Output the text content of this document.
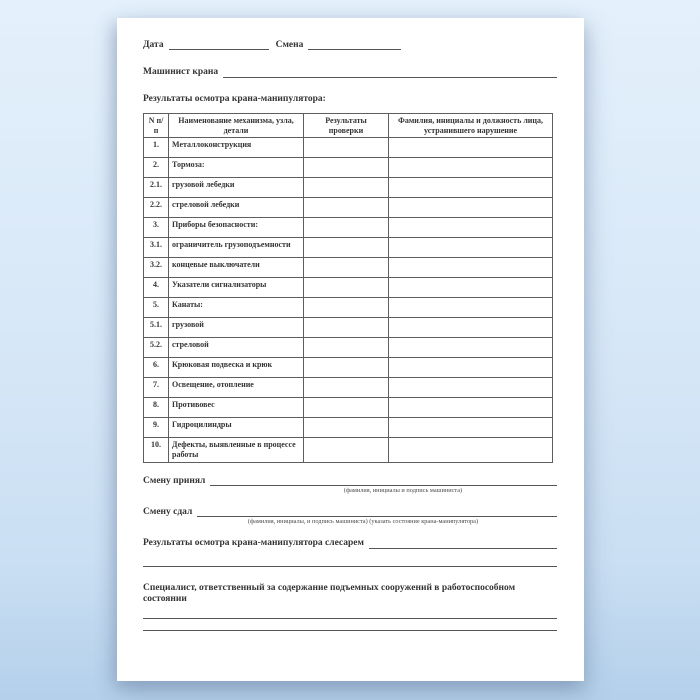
Дата	Смена
Машинист крана
Результаты осмотра крана-манипулятора:
N п/п	Наименование механизма, узла, детали	Результаты проверки	Фамилия, инициалы и должность лица, устранившего нарушение
1.	Металлоконструкция		
2.	Тормоза:		
2.1.	грузовой лебедки		
2.2.	стреловой лебедки		
3.	Приборы безопасности:		
3.1.	ограничитель грузоподъемности		
3.2.	концевые выключатели		
4.	Указатели сигнализаторы		
5.	Канаты:		
5.1.	грузовой		
5.2.	стреловой		
6.	Крюковая подвеска и крюк		
7.	Освещение, отопление		
8.	Противовес		
9.	Гидроцилиндры		
10.	Дефекты, выявленные в процессе работы		
Смену принял
(фамилия, инициалы и подпись машиниста)
Смену сдал
(фамилия, инициалы, и подпись машиниста) (указать состояние крана-манипулятора)
Результаты осмотра крана-манипулятора слесарем
Специалист, ответственный за содержание подъемных сооружений в работоспособном состоянии
